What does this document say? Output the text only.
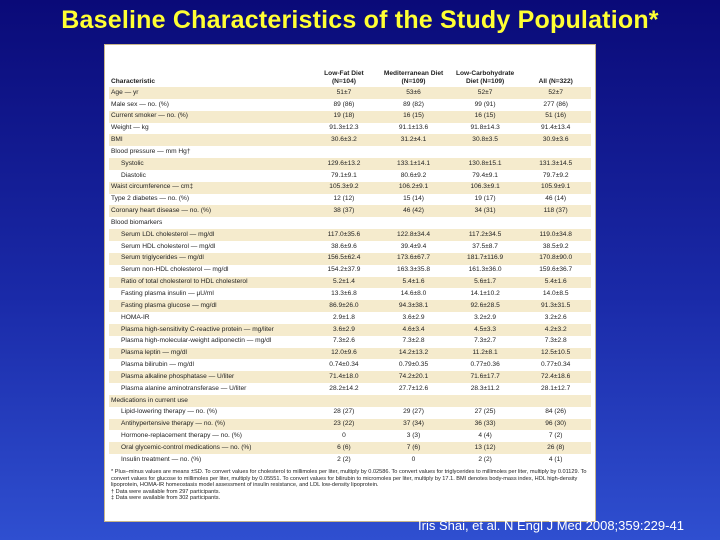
Baseline Characteristics of the Study Population*
Characteristic	Low-Fat Diet (N=104)	Mediterranean Diet (N=109)	Low-Carbohydrate Diet (N=109)	All (N=322)
Age — yr	51±7	53±6	52±7	52±7
Male sex — no. (%)	89 (86)	89 (82)	99 (91)	277 (86)
Current smoker — no. (%)	19 (18)	16 (15)	16 (15)	51 (16)
Weight — kg	91.3±12.3	91.1±13.6	91.8±14.3	91.4±13.4
BMI	30.6±3.2	31.2±4.1	30.8±3.5	30.9±3.6
Blood pressure — mm Hg†				
Systolic	129.6±13.2	133.1±14.1	130.8±15.1	131.3±14.5
Diastolic	79.1±9.1	80.6±9.2	79.4±9.1	79.7±9.2
Waist circumference — cm‡	105.3±9.2	106.2±9.1	106.3±9.1	105.9±9.1
Type 2 diabetes — no. (%)	12 (12)	15 (14)	19 (17)	46 (14)
Coronary heart disease — no. (%)	38 (37)	46 (42)	34 (31)	118 (37)
Blood biomarkers				
Serum LDL cholesterol — mg/dl	117.0±35.6	122.8±34.4	117.2±34.5	119.0±34.8
Serum HDL cholesterol — mg/dl	38.6±9.6	39.4±9.4	37.5±8.7	38.5±9.2
Serum triglycerides — mg/dl	156.5±62.4	173.6±67.7	181.7±116.9	170.8±90.0
Serum non-HDL cholesterol — mg/dl	154.2±37.9	163.3±35.8	161.3±36.0	159.6±36.7
Ratio of total cholesterol to HDL cholesterol	5.2±1.4	5.4±1.6	5.6±1.7	5.4±1.6
Fasting plasma insulin — µU/ml	13.3±6.8	14.6±8.0	14.1±10.2	14.0±8.5
Fasting plasma glucose — mg/dl	86.9±26.0	94.3±38.1	92.6±28.5	91.3±31.5
HOMA-IR	2.9±1.8	3.6±2.9	3.2±2.9	3.2±2.6
Plasma high-sensitivity C-reactive protein — mg/liter	3.6±2.9	4.6±3.4	4.5±3.3	4.2±3.2
Plasma high-molecular-weight adiponectin — mg/dl	7.3±2.6	7.3±2.8	7.3±2.7	7.3±2.8
Plasma leptin — mg/dl	12.0±9.6	14.2±13.2	11.2±8.1	12.5±10.5
Plasma bilirubin — mg/dl	0.74±0.34	0.79±0.35	0.77±0.36	0.77±0.34
Plasma alkaline phosphatase — U/liter	71.4±18.0	74.2±20.1	71.6±17.7	72.4±18.6
Plasma alanine aminotransferase — U/liter	28.2±14.2	27.7±12.6	28.3±11.2	28.1±12.7
Medications in current use				
Lipid-lowering therapy — no. (%)	28 (27)	29 (27)	27 (25)	84 (26)
Antihypertensive therapy — no. (%)	23 (22)	37 (34)	36 (33)	96 (30)
Hormone-replacement therapy — no. (%)	0	3 (3)	4 (4)	7 (2)
Oral glycemic-control medications — no. (%)	6 (6)	7 (6)	13 (12)	26 (8)
Insulin treatment — no. (%)	2 (2)	0	2 (2)	4 (1)
* Plus–minus values are means ±SD. To convert values for cholesterol to millimoles per liter, multiply by 0.02586. To convert values for triglycerides to millimoles per liter, multiply by 0.01129. To convert values for glucose to millimoles per liter, multiply by 0.05551. To convert values for bilirubin to micromoles per liter, multiply by 17.1. BMI denotes body-mass index, HDL high-density lipoprotein, HOMA-IR homeostasis model assessment of insulin resistance, and LDL low-density lipoprotein.
† Data were available from 297 participants.
‡ Data were available from 302 participants.
Iris Shai, et al. N Engl J Med 2008;359:229-41
